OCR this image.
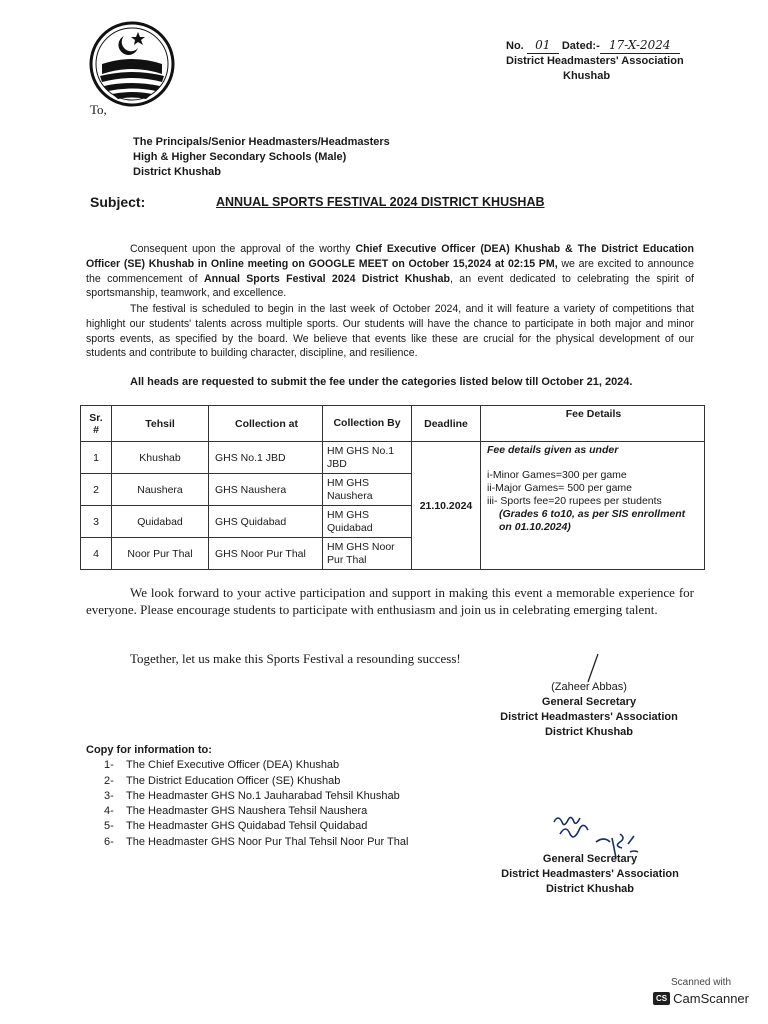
No. 01 Dated:- 17-X-2024
District Headmasters' Association
Khushab
To,
The Principals/Senior Headmasters/Headmasters
High & Higher Secondary Schools (Male)
District Khushab
Subject:	ANNUAL SPORTS FESTIVAL 2024 DISTRICT KHUSHAB
Consequent upon the approval of the worthy Chief Executive Officer (DEA) Khushab & The District Education Officer (SE) Khushab in Online meeting on GOOGLE MEET on October 15,2024 at 02:15 PM, we are excited to announce the commencement of Annual Sports Festival 2024 District Khushab, an event dedicated to celebrating the spirit of sportsmanship, teamwork, and excellence.
The festival is scheduled to begin in the last week of October 2024, and it will feature a variety of competitions that highlight our students' talents across multiple sports. Our students will have the chance to participate in both major and minor sports events, as specified by the board. We believe that events like these are crucial for the physical development of our students and contribute to building character, discipline, and resilience.
All heads are requested to submit the fee under the categories listed below till October 21, 2024.
Sr. #	Tehsil	Collection at	Collection By	Deadline	Fee Details
1	Khushab	GHS No.1 JBD	HM GHS No.1 JBD	21.10.2024	Fee details given as under
i-Minor Games=300 per game
ii-Major Games= 500 per game
iii- Sports fee=20 rupees per students
(Grades 6 to10, as per SIS enrollment on 01.10.2024)

2	Naushera	GHS Naushera	HM GHS Naushera		
3	Quidabad	GHS Quidabad	HM GHS Quidabad		
4	Noor Pur Thal	GHS Noor Pur Thal	HM GHS Noor Pur Thal		
We look forward to your active participation and support in making this event a memorable experience for everyone. Please encourage students to participate with enthusiasm and join us in celebrating emerging talent.
Together, let us make this Sports Festival a resounding success!
(Zaheer Abbas)
General Secretary
District Headmasters' Association
District Khushab
Copy for information to:
1- The Chief Executive Officer (DEA) Khushab
2- The District Education Officer (SE) Khushab
3- The Headmaster GHS No.1 Jauharabad Tehsil Khushab
4- The Headmaster GHS Naushera Tehsil Naushera
5- The Headmaster GHS Quidabad Tehsil Quidabad
6- The Headmaster GHS Noor Pur Thal Tehsil Noor Pur Thal
General Secretary
District Headmasters' Association
District Khushab
Scanned with
CS CamScanner
